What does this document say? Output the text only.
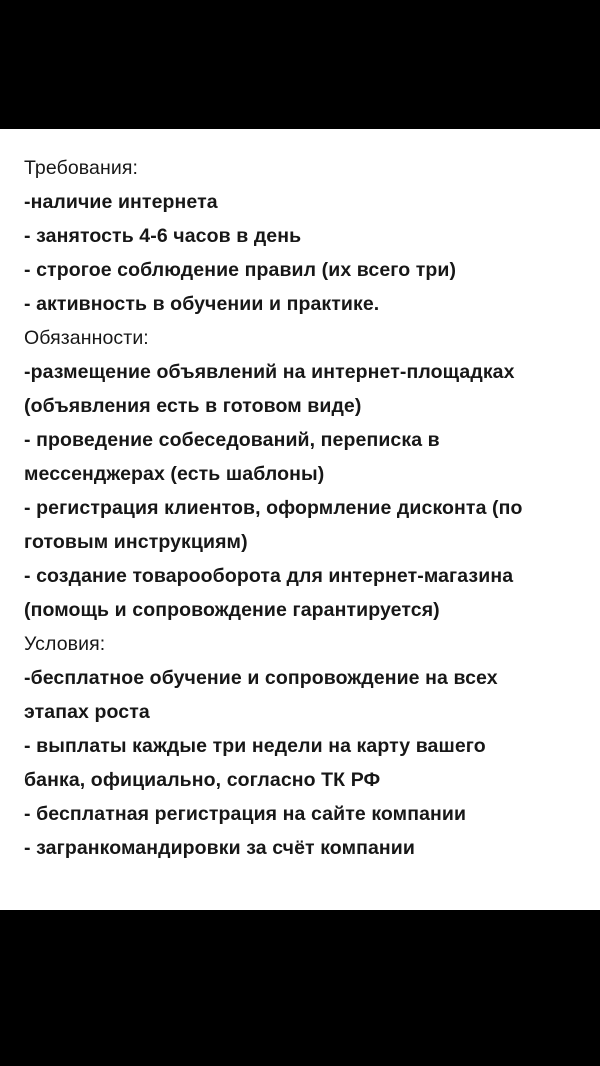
Требования:
-наличие интернета
- занятость 4-6 часов в день
- строгое соблюдение правил (их всего три)
- активность в обучении и практике.
Обязанности:
-размещение объявлений на интернет-площадках
(объявления есть в готовом виде)
- проведение собеседований, переписка в
мессенджерах (есть шаблоны)
- регистрация клиентов, оформление дисконта (по
готовым инструкциям)
- создание товарооборота для интернет-магазина
(помощь и сопровождение гарантируется)
Условия:
-бесплатное обучение и сопровождение на всех
этапах роста
- выплаты каждые три недели на карту вашего
банка, официально, согласно ТК РФ
- бесплатная регистрация на сайте компании
- загранкомандировки за счёт компании
